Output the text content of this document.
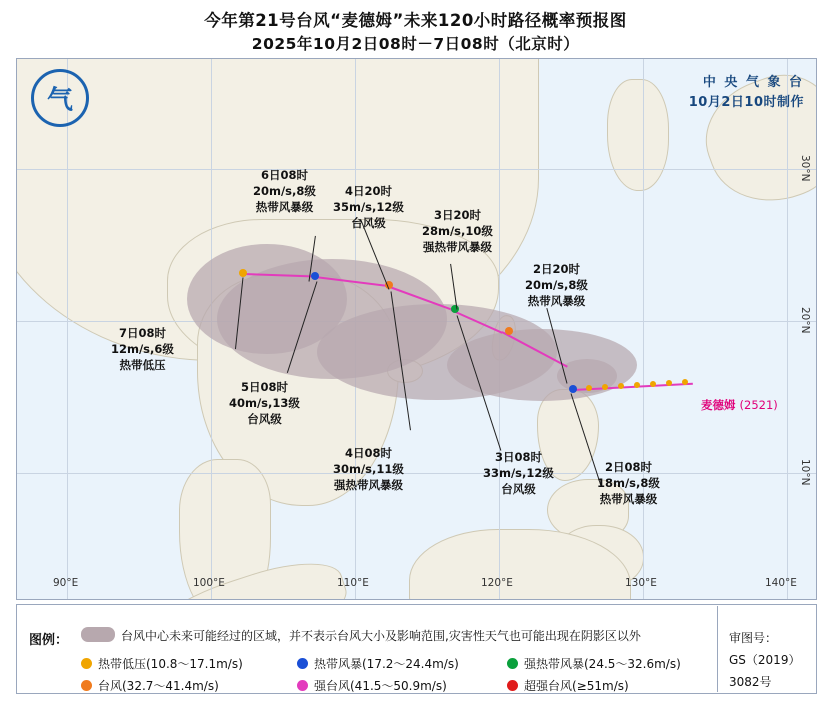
今年第21号台风“麦德姆”未来120小时路径概率预报图
2025年10月2日08时－7日08时（北京时）
90°E	100°E	110°E	120°E	130°E	140°E
30°N
20°N
10°N
气
中 央 气 象 台
10月2日10时制作
麦德姆 (2521)
6日08时
20m/s,8级
热带风暴级
4日20时
35m/s,12级
台风级
3日20时
28m/s,10级
强热带风暴级
2日20时
20m/s,8级
热带风暴级
7日08时
12m/s,6级
热带低压
5日08时
40m/s,13级
台风级
4日08时
30m/s,11级
强热带风暴级
3日08时
33m/s,12级
台风级
2日08时
18m/s,8级
热带风暴级
图例：	台风中心未来可能经过的区域，并不表示台风大小及影响范围,灾害性天气也可能出现在阴影区以外
热带低压(10.8～17.1m/s)	热带风暴(17.2～24.4m/s)	强热带风暴(24.5～32.6m/s)
台风(32.7～41.4m/s)	强台风(41.5～50.9m/s)	超强台风(≥51m/s)
审图号：
GS（2019）3082号
